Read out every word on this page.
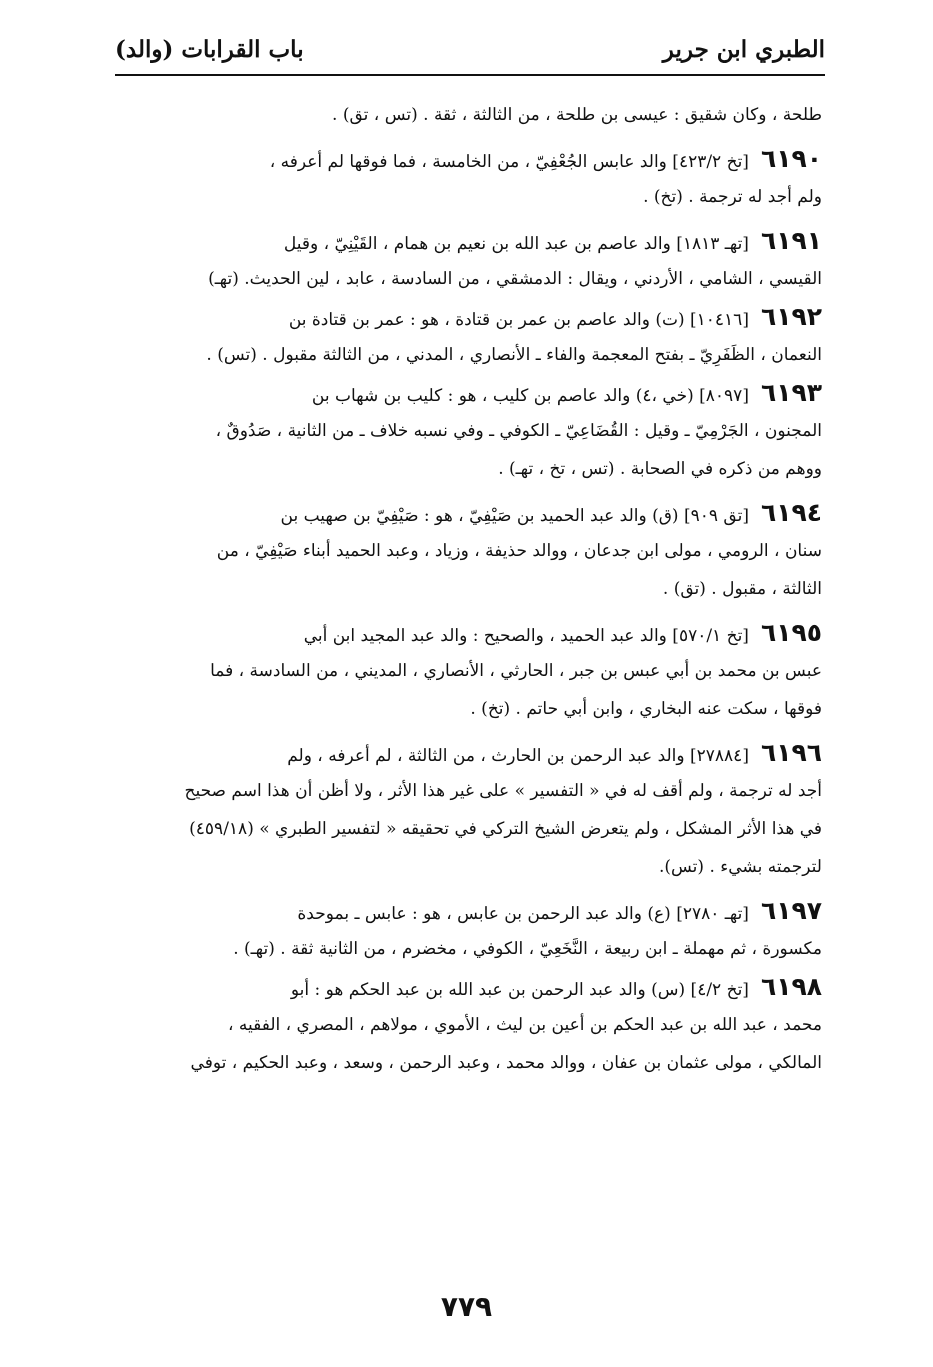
الطبري ابن جرير
باب القرابات (والد)
طلحة ، وكان شقيق : عيسى بن طلحة ، من الثالثة ، ثقة . (تس ، تق) .
٦١٩٠[تخ ٤٢٣/٢] والد عابس الجُعْفِيّ ، من الخامسة ، فما فوقها لم أعرفه ،
ولم أجد له ترجمة . (تخ) .
٦١٩١[تهـ ١٨١٣] والد عاصم بن عبد الله بن نعيم بن همام ، القَيْنِيّ ، وقيل
القيسي ، الشامي ، الأردني ، ويقال : الدمشقي ، من السادسة ، عابد ، لين الحديث. (تهـ)
٦١٩٢[١٠٤١٦] (ت) والد عاصم بن عمر بن قتادة ، هو : عمر بن قتادة بن
النعمان ، الظَفَرِيّ ـ بفتح المعجمة والفاء ـ الأنصاري ، المدني ، من الثالثة مقبول . (تس) .
٦١٩٣[٨٠٩٧] (خي ،٤) والد عاصم بن كليب ، هو : كليب بن شهاب بن
المجنون ، الجَرْمِيّ ـ وقيل : القُضَاعِيّ ـ الكوفي ـ وفي نسبه خلاف ـ من الثانية ، صَدُوقٌ ،
ووهم من ذكره في الصحابة . (تس ، تخ ، تهـ) .
٦١٩٤[تق ٩٠٩] (ق) والد عبد الحميد بن صَيْفِيّ ، هو : صَيْفِيّ بن صهيب بن
سنان ، الرومي ، مولى ابن جدعان ، ووالد حذيفة ، وزياد ، وعبد الحميد أبناء صَيْفِيّ ، من
الثالثة ، مقبول . (تق) .
٦١٩٥[تخ ٥٧٠/١] والد عبد الحميد ، والصحيح : والد عبد المجيد ابن أبي
عبس بن محمد بن أبي عبس بن جبر ، الحارثي ، الأنصاري ، المديني ، من السادسة ، فما
فوقها ، سكت عنه البخاري ، وابن أبي حاتم . (تخ) .
٦١٩٦[٢٧٨٨٤] والد عبد الرحمن بن الحارث ، من الثالثة ، لم أعرفه ، ولم
أجد له ترجمة ، ولم أقف له في « التفسير » على غير هذا الأثر ، ولا أظن أن هذا اسم صحيح
في هذا الأثر المشكل ، ولم يتعرض الشيخ التركي في تحقيقه « لتفسير الطبري » (٤٥٩/١٨)
لترجمته بشيء . (تس).
٦١٩٧[تهـ ٢٧٨٠] (ع) والد عبد الرحمن بن عابس ، هو : عابس ـ بموحدة
مكسورة ، ثم مهملة ـ ابن ربيعة ، النَّخَعِيّ ، الكوفي ، مخضرم ، من الثانية ثقة . (تهـ) .
٦١٩٨[تخ ٤/٢] (س) والد عبد الرحمن بن عبد الله بن عبد الحكم هو : أبو
محمد ، عبد الله بن عبد الحكم بن أعين بن ليث ، الأموي ، مولاهم ، المصري ، الفقيه ،
المالكي ، مولى عثمان بن عفان ، ووالد محمد ، وعبد الرحمن ، وسعد ، وعبد الحكيم ، توفي
٧٧٩
